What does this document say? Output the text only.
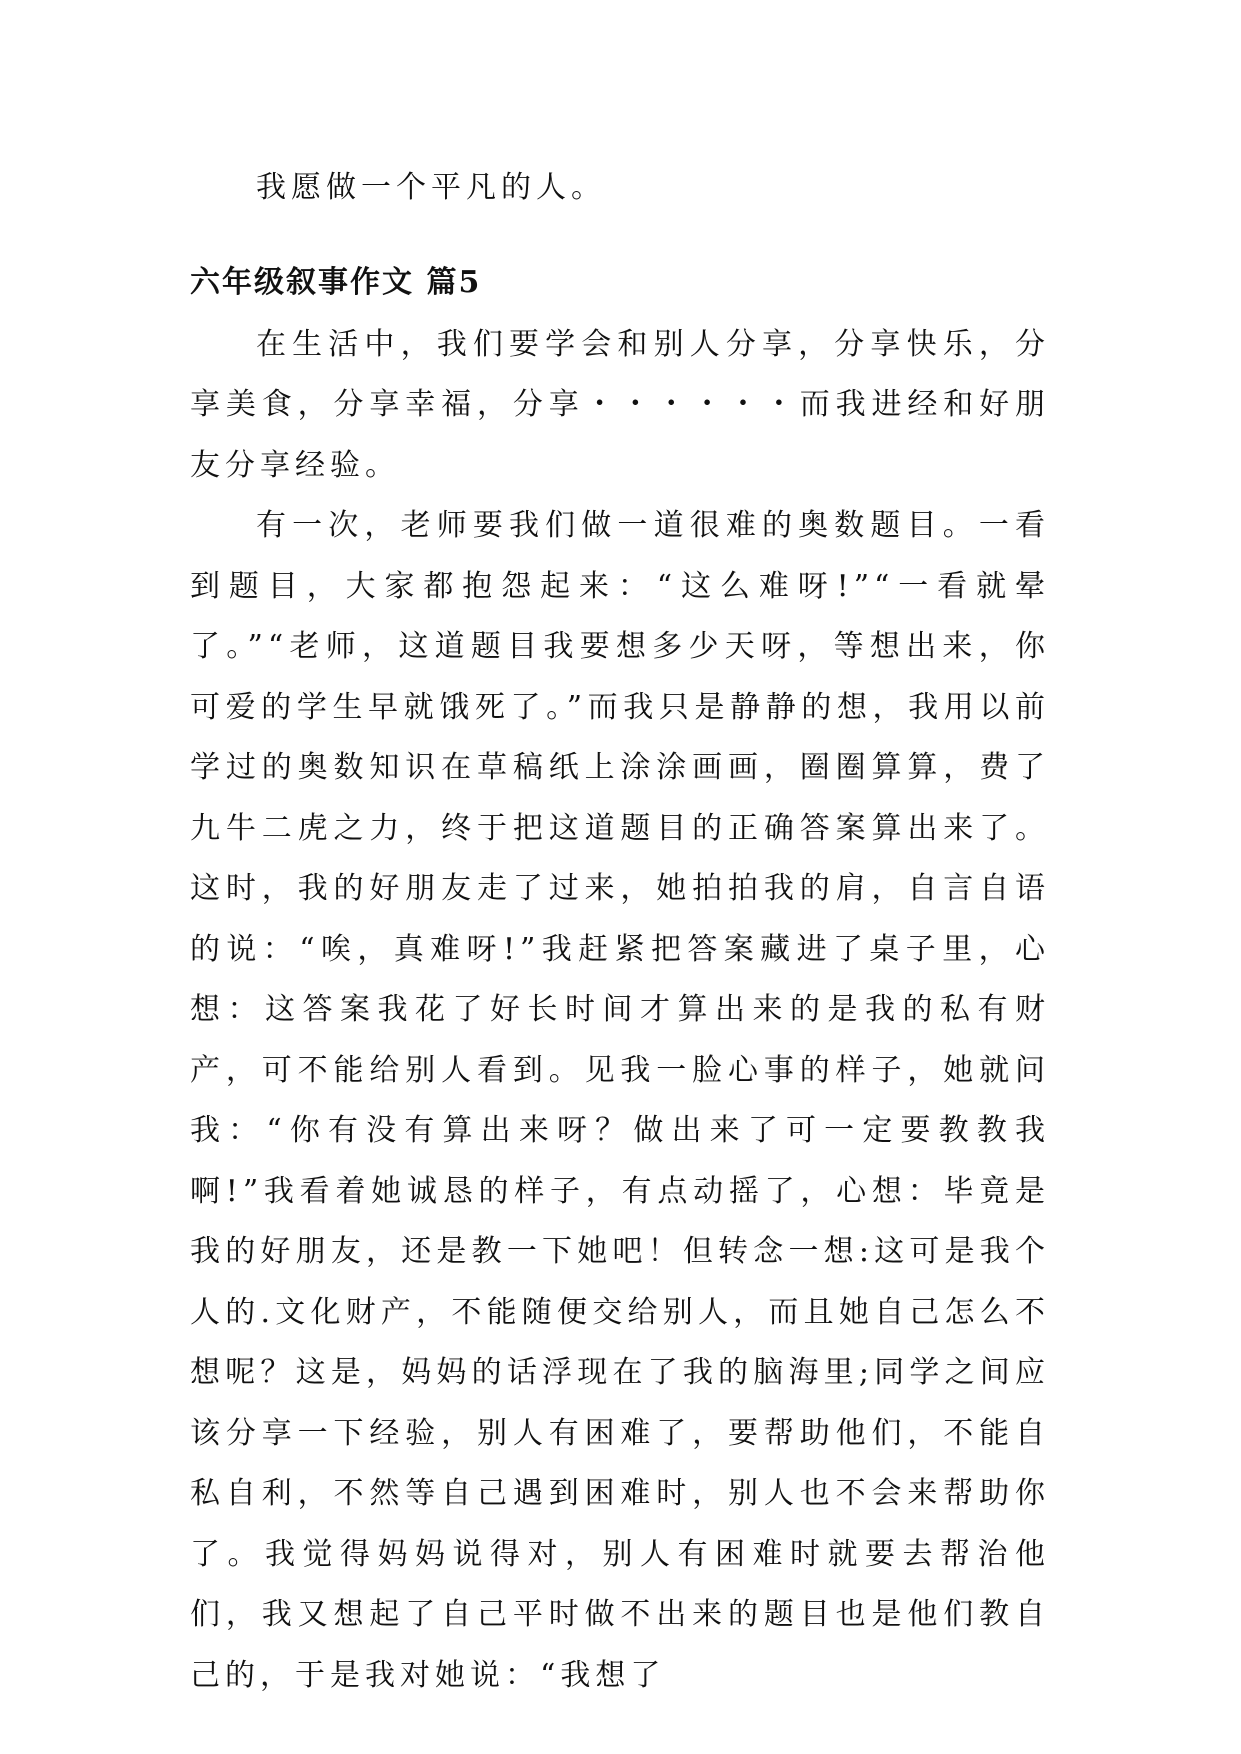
我愿做一个平凡的人。

六年级叙事作文 篇5

在生活中，我们要学会和别人分享，分享快乐，分享美食，分享幸福，分享・・・・・・而我进经和好朋友分享经验。

有一次，老师要我们做一道很难的奥数题目。一看到题目，大家都抱怨起来：“这么难呀!”“一看就晕了。”“老师，这道题目我要想多少天呀，等想出来，你可爱的学生早就饿死了。”而我只是静静的想，我用以前学过的奥数知识在草稿纸上涂涂画画，圈圈算算，费了九牛二虎之力，终于把这道题目的正确答案算出来了。这时，我的好朋友走了过来，她拍拍我的肩，自言自语的说：“唉，真难呀!”我赶紧把答案藏进了桌子里，心想：这答案我花了好长时间才算出来的是我的私有财产，可不能给别人看到。见我一脸心事的样子，她就问我：“你有没有算出来呀？做出来了可一定要教教我啊!”我看着她诚恳的样子，有点动摇了，心想：毕竟是我的好朋友，还是教一下她吧！但转念一想:这可是我个人的.文化财产，不能随便交给别人，而且她自己怎么不想呢？这是，妈妈的话浮现在了我的脑海里;同学之间应该分享一下经验，别人有困难了，要帮助他们，不能自私自利，不然等自己遇到困难时，别人也不会来帮助你了。我觉得妈妈说得对，别人有困难时就要去帮治他们，我又想起了自己平时做不出来的题目也是他们教自己的，于是我对她说：“我想了
